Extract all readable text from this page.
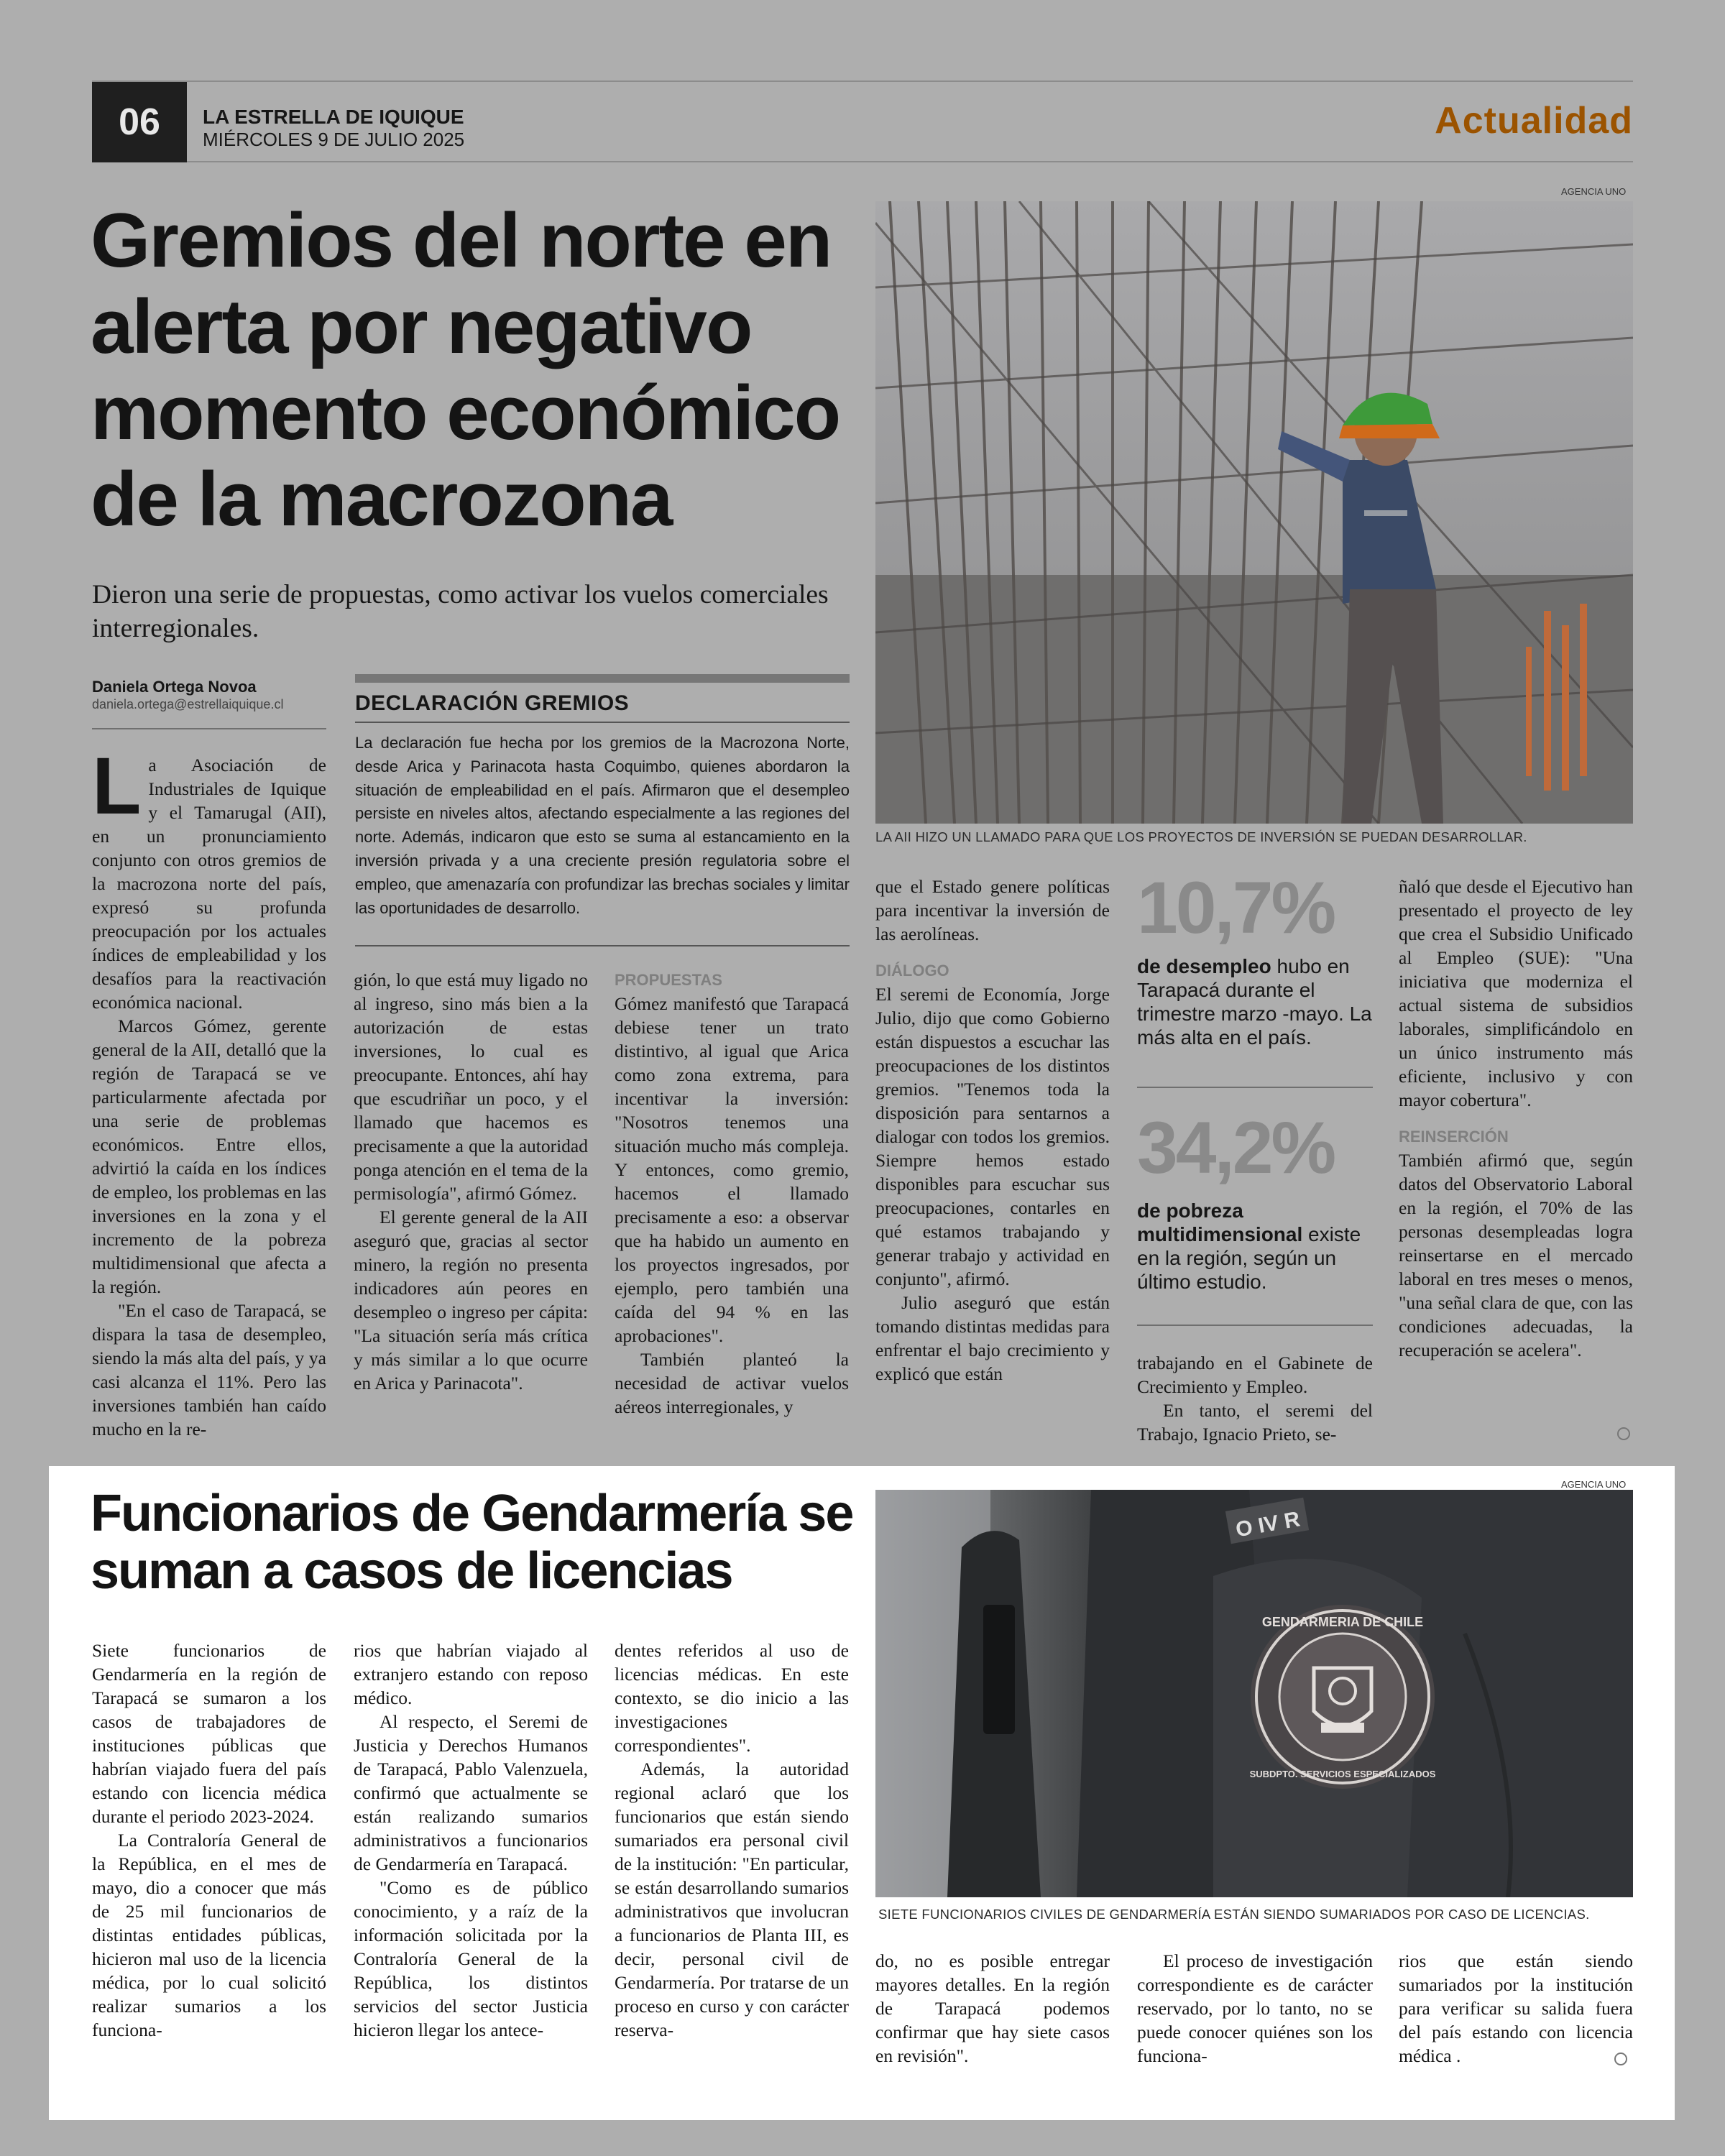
06	LA ESTRELLA DE IQUIQUE
MIÉRCOLES 9 DE JULIO 2025	Actualidad
Gremios del norte en alerta por negativo momento económico de la macrozona
Dieron una serie de propuestas, como activar los vuelos comerciales interregionales.
Daniela Ortega Novoa
daniela.ortega@estrellaiquique.cl	DECLARACIÓN GREMIOS
La declaración fue hecha por los gremios de la Macrozona Norte, desde Arica y Parinacota hasta Coquimbo, quienes abordaron la situación de empleabilidad en el país. Afirmaron que el desempleo persiste en niveles altos, afectando especialmente a las regiones del norte. Además, indicaron que esto se suma al estancamiento en la inversión privada y a una creciente presión regulatoria sobre el empleo, que amenazaría con profundizar las brechas sociales y limitar las oportunidades de desarrollo.
AGENCIA UNO
LA AII HIZO UN LLAMADO PARA QUE LOS PROYECTOS DE INVERSIÓN SE PUEDAN DESARROLLAR.

La Asociación de Industriales de Iquique y el Tamarugal (AII), en un pronunciamiento conjunto con otros gremios de la macrozona norte del país, expresó su profunda preocupación por los actuales índices de empleabilidad y los desafíos para la reactivación económica nacional.

Marcos Gómez, gerente general de la AII, detalló que la región de Tarapacá se ve particularmente afectada por una serie de problemas económicos. Entre ellos, advirtió la caída en los índices de empleo, los problemas en las inversiones en la zona y el incremento de la pobreza multidimensional que afecta a la región.

"En el caso de Tarapacá, se dispara la tasa de desempleo, siendo la más alta del país, y ya casi alcanza el 11%. Pero las inversiones también han caído mucho en la re-

gión, lo que está muy ligado no al ingreso, sino más bien a la autorización de estas inversiones, lo cual es preocupante. Entonces, ahí hay que escudriñar un poco, y el llamado que hacemos es precisamente a que la autoridad ponga atención en el tema de la permisología", afirmó Gómez.

El gerente general de la AII aseguró que, gracias al sector minero, la región no presenta indicadores aún peores en desempleo o ingreso per cápita: "La situación sería más crítica y más similar a lo que ocurre en Arica y Parinacota".

PROPUESTAS

Gómez manifestó que Tarapacá debiese tener un trato distintivo, al igual que Arica como zona extrema, para incentivar la inversión: "Nosotros tenemos una situación mucho más compleja. Y entonces, como gremio, hacemos el llamado precisamente a eso: a observar que ha habido un aumento en los proyectos ingresados, por ejemplo, pero también una caída del 94 % en las aprobaciones".

También planteó la necesidad de activar vuelos aéreos interregionales, y

que el Estado genere políticas para incentivar la inversión de las aerolíneas.

DIÁLOGO

El seremi de Economía, Jorge Julio, dijo que como Gobierno están dispuestos a escuchar las preocupaciones de los distintos gremios. "Tenemos toda la disposición para sentarnos a dialogar con todos los gremios. Siempre hemos estado disponibles para escuchar sus preocupaciones, contarles en qué estamos trabajando y generar trabajo y actividad en conjunto", afirmó.

Julio aseguró que están tomando distintas medidas para enfrentar el bajo crecimiento y explicó que están

10,7%
de desempleo hubo en Tarapacá durante el trimestre marzo -mayo. La más alta en el país.
34,2%
de pobreza multidimensional existe en la región, según un último estudio.

trabajando en el Gabinete de Crecimiento y Empleo.

En tanto, el seremi del Trabajo, Ignacio Prieto, se-

ñaló que desde el Ejecutivo han presentado el proyecto de ley que crea el Subsidio Unificado al Empleo (SUE): "Una iniciativa que moderniza el actual sistema de subsidios laborales, simplificándolo en un único instrumento más eficiente, inclusivo y con mayor cobertura".

REINSERCIÓN

También afirmó que, según datos del Observatorio Laboral en la región, el 70% de las personas desempleadas logra reinsertarse en el mercado laboral en tres meses o menos, "una señal clara de que, con las condiciones adecuadas, la recuperación se acelera".

Funcionarios de Gendarmería se suman a casos de licencias
AGENCIA UNO
O IV R
GENDARMERIA DE CHILE
SUBDPTO. SERVICIOS ESPECIALIZADOS
SIETE FUNCIONARIOS CIVILES DE GENDARMERÍA ESTÁN SIENDO SUMARIADOS POR CASO DE LICENCIAS.

Siete funcionarios de Gendarmería en la región de Tarapacá se sumaron a los casos de trabajadores de instituciones públicas que habrían viajado fuera del país estando con licencia médica durante el periodo 2023-2024.

La Contraloría General de la República, en el mes de mayo, dio a conocer que más de 25 mil funcionarios de distintas entidades públicas, hicieron mal uso de la licencia médica, por lo cual solicitó realizar sumarios a los funciona-

rios que habrían viajado al extranjero estando con reposo médico.

Al respecto, el Seremi de Justicia y Derechos Humanos de Tarapacá, Pablo Valenzuela, confirmó que actualmente se están realizando sumarios administrativos a funcionarios de Gendarmería en Tarapacá.

"Como es de público conocimiento, y a raíz de la información solicitada por la Contraloría General de la República, los distintos servicios del sector Justicia hicieron llegar los antece-

dentes referidos al uso de licencias médicas. En este contexto, se dio inicio a las investigaciones correspondientes".

Además, la autoridad regional aclaró que los funcionarios que están siendo sumariados era personal civil de la institución: "En particular, se están desarrollando sumarios administrativos que involucran a funcionarios de Planta III, es decir, personal civil de Gendarmería. Por tratarse de un proceso en curso y con carácter reserva-

do, no es posible entregar mayores detalles. En la región de Tarapacá podemos confirmar que hay siete casos en revisión".

El proceso de investigación correspondiente es de carácter reservado, por lo tanto, no se puede conocer quiénes son los funciona-

rios que están siendo sumariados por la institución para verificar su salida fuera del país estando con licencia médica .
